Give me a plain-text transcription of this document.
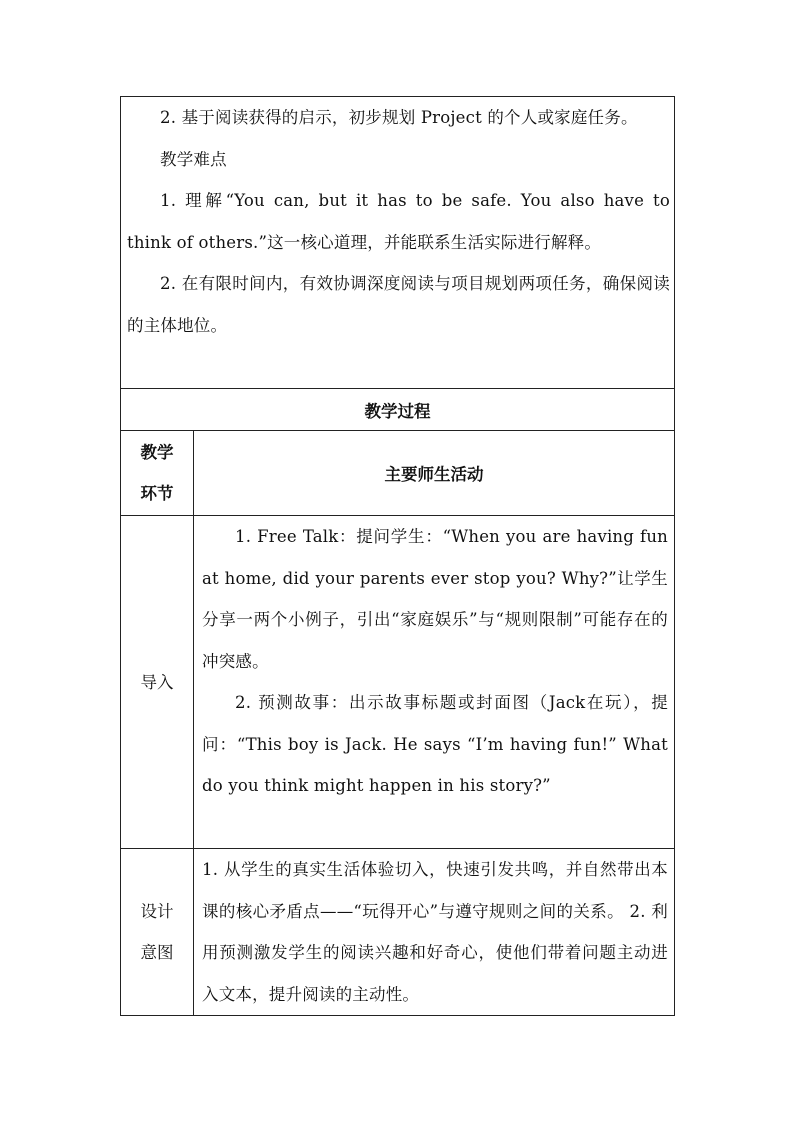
2. 基于阅读获得的启示，初步规划 Project 的个人或家庭任务。

教学难点

1. 理解“You can, but it has to be safe. You also have to think of others.”这一核心道理，并能联系生活实际进行解释。

2. 在有限时间内，有效协调深度阅读与项目规划两项任务，确保阅读的主体地位。	

教学过程	

教学环节	主要师生活动
导入	1. Free Talk：提问学生：“When you are having fun at home, did your parents ever stop you? Why?”让学生分享一两个小例子，引出“家庭娱乐”与“规则限制”可能存在的冲突感。

2. 预测故事：出示故事标题或封面图（Jack在玩），提问：“This boy is Jack. He says “I’m having fun!” What do you think might happen in his story?”

设计意图	1. 从学生的真实生活体验切入，快速引发共鸣，并自然带出本课的核心矛盾点——“玩得开心”与遵守规则之间的关系。 2. 利用预测激发学生的阅读兴趣和好奇心，使他们带着问题主动进入文本，提升阅读的主动性。
